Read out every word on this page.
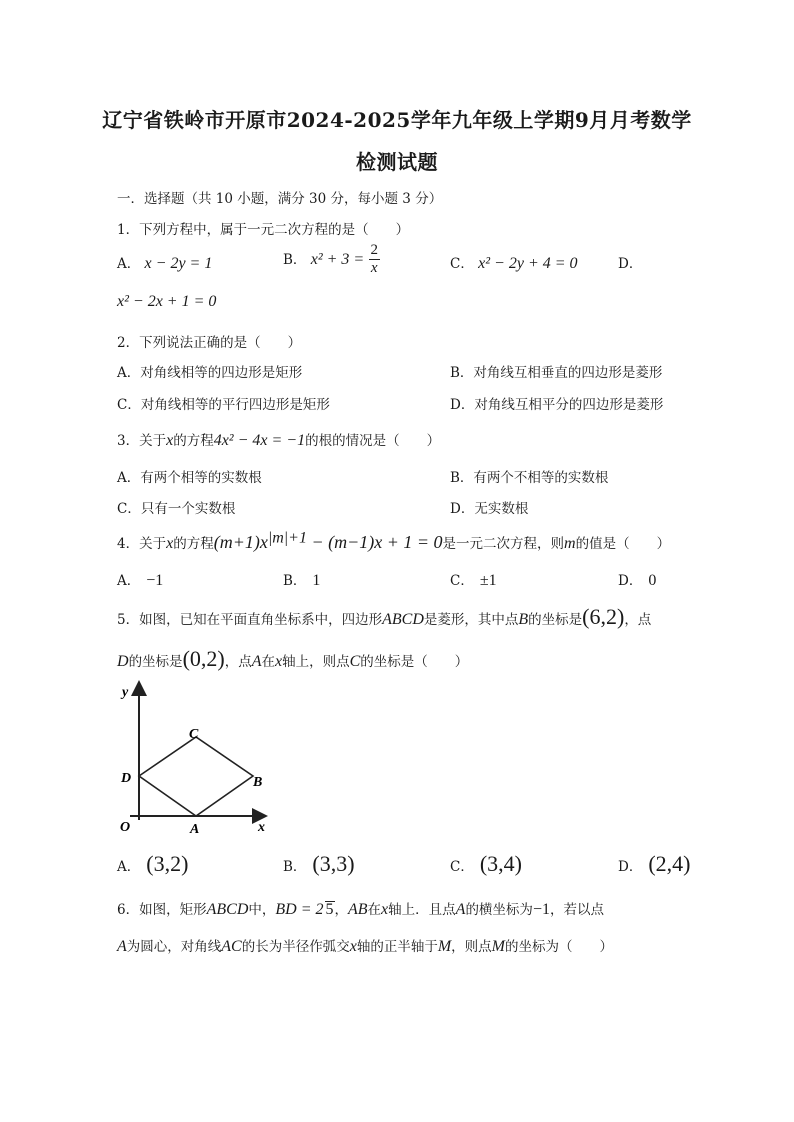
辽宁省铁岭市开原市2024-2025学年九年级上学期9月月考数学
检测试题
一．选择题（共 10 小题，满分 30 分，每小题 3 分）
1．下列方程中，属于一元二次方程的是（　　）
A． x − 2y = 1	B． $x^2 + 3 = \frac{2}{x}$	C． x² − 2y + 4 = 0	D．
x² − 2x + 1 = 0
2．下列说法正确的是（　　）
A．对角线相等的四边形是矩形	B．对角线互相垂直的四边形是菱形
C．对角线相等的平行四边形是矩形	D．对角线互相平分的四边形是菱形
3．关于x的方程4x² − 4x = −1的根的情况是（　　）
A．有两个相等的实数根	B．有两个不相等的实数根
C．只有一个实数根	D．无实数根
4．关于x的方程$(m+1)x^{|m|+1} - (m-1)x + 1 = 0$是一元二次方程，则m的值是（　　）
A． −1	B． 1	C． ±1	D． 0
5．如图，已知在平面直角坐标系中，四边形ABCD是菱形，其中点B的坐标是(6,2)，点
D的坐标是(0,2)，点A在x轴上，则点C的坐标是（　　）
y
x
O	A
B
C
D
A． (3,2)	B． (3,3)	C． (3,4)	D． (2,4)
6．如图，矩形ABCD中，BD = 2 5，AB在x轴上．且点A的横坐标为−1，若以点
A为圆心，对角线AC的长为半径作弧交x轴的正半轴于M，则点M的坐标为（　　）
